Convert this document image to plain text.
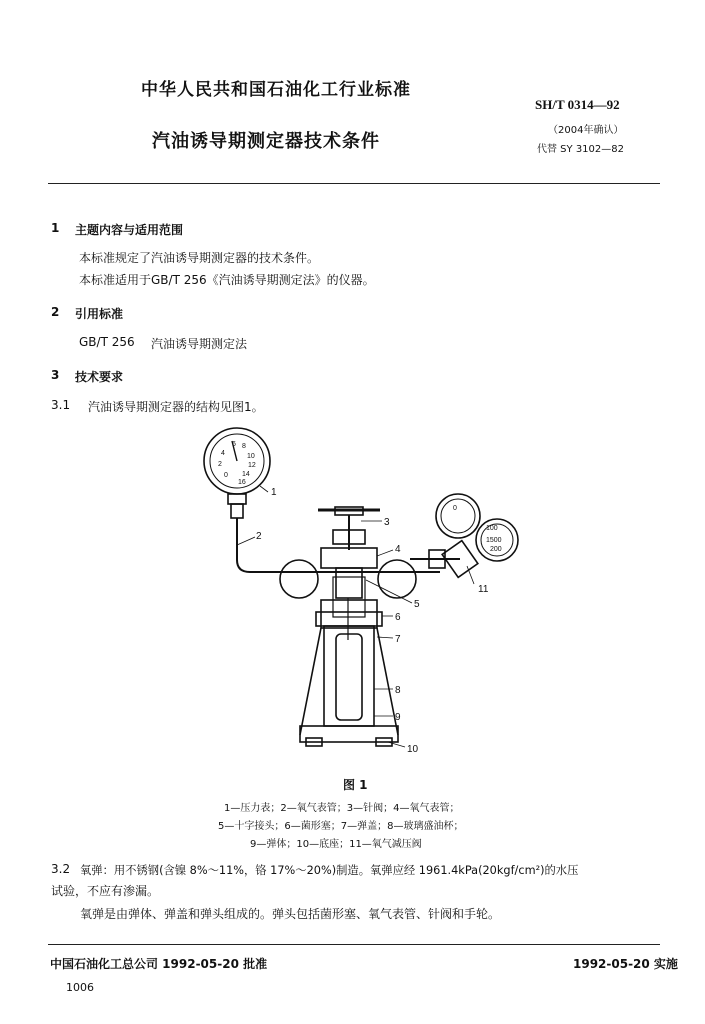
中华人民共和国石油化工行业标准
SH/T 0314—92
（2004年确认）
代替 SY 3102—82
汽油诱导期测定器技术条件
1 主题内容与适用范围
本标准规定了汽油诱导期测定器的技术条件。
本标准适用于GB/T 256《汽油诱导期测定法》的仪器。
2 引用标准
GB/T 256 汽油诱导期测定法
3 技术要求
3.1 汽油诱导期测定器的结构见图1。
1
2
3
4
5
6
7
8
9
10
11
6 8
4	10
2	12
0 14
16
0
100
1500
200
图 1
1—压力表；2—氧气表管；3—针阀；4—氧气表管；
5—十字接头；6—菌形塞；7—弹盖；8—玻璃盛油杯；
9—弹体；10—底座；11—氧气减压阀
3.2 氧弹：用不锈钢(含镍 8%～11%，铬 17%～20%)制造。氧弹应经 1961.4kPa(20kgf/cm²)的水压
试验，不应有渗漏。
氧弹是由弹体、弹盖和弹头组成的。弹头包括菌形塞、氧气表管、针阀和手轮。
中国石油化工总公司 1992-05-20 批准	1992-05-20 实施
1006
